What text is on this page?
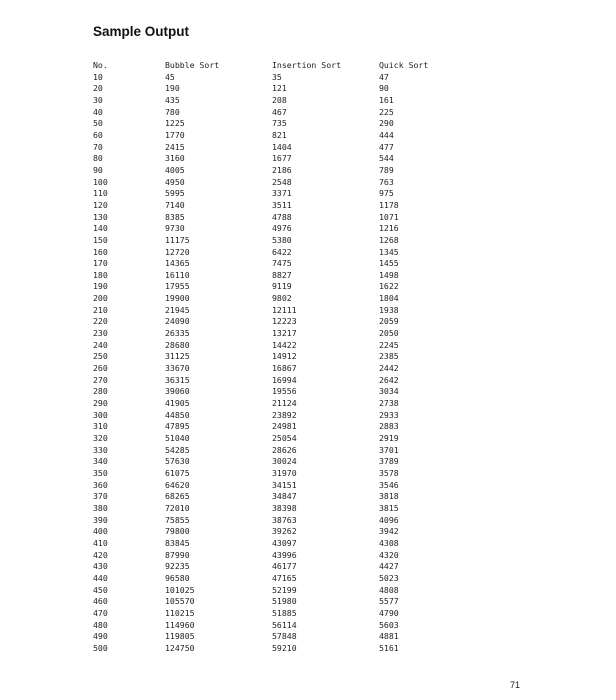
Sample Output
No.	Bubble Sort	Insertion Sort	Quick Sort
10	45	35	47
20	190	121	90
30	435	208	161
40	780	467	225
50	1225	735	290
60	1770	821	444
70	2415	1404	477
80	3160	1677	544
90	4005	2186	789
100	4950	2548	763
110	5995	3371	975
120	7140	3511	1178
130	8385	4788	1071
140	9730	4976	1216
150	11175	5380	1268
160	12720	6422	1345
170	14365	7475	1455
180	16110	8827	1498
190	17955	9119	1622
200	19900	9802	1804
210	21945	12111	1938
220	24090	12223	2059
230	26335	13217	2050
240	28680	14422	2245
250	31125	14912	2385
260	33670	16867	2442
270	36315	16994	2642
280	39060	19556	3034
290	41905	21124	2738
300	44850	23892	2933
310	47895	24981	2883
320	51040	25054	2919
330	54285	28626	3701
340	57630	30024	3789
350	61075	31970	3578
360	64620	34151	3546
370	68265	34847	3818
380	72010	38398	3815
390	75855	38763	4096
400	79800	39262	3942
410	83845	43097	4308
420	87990	43996	4320
430	92235	46177	4427
440	96580	47165	5023
450	101025	52199	4808
460	105570	51980	5577
470	110215	51885	4790
480	114960	56114	5603
490	119805	57848	4881
500	124750	59210	5161
71
